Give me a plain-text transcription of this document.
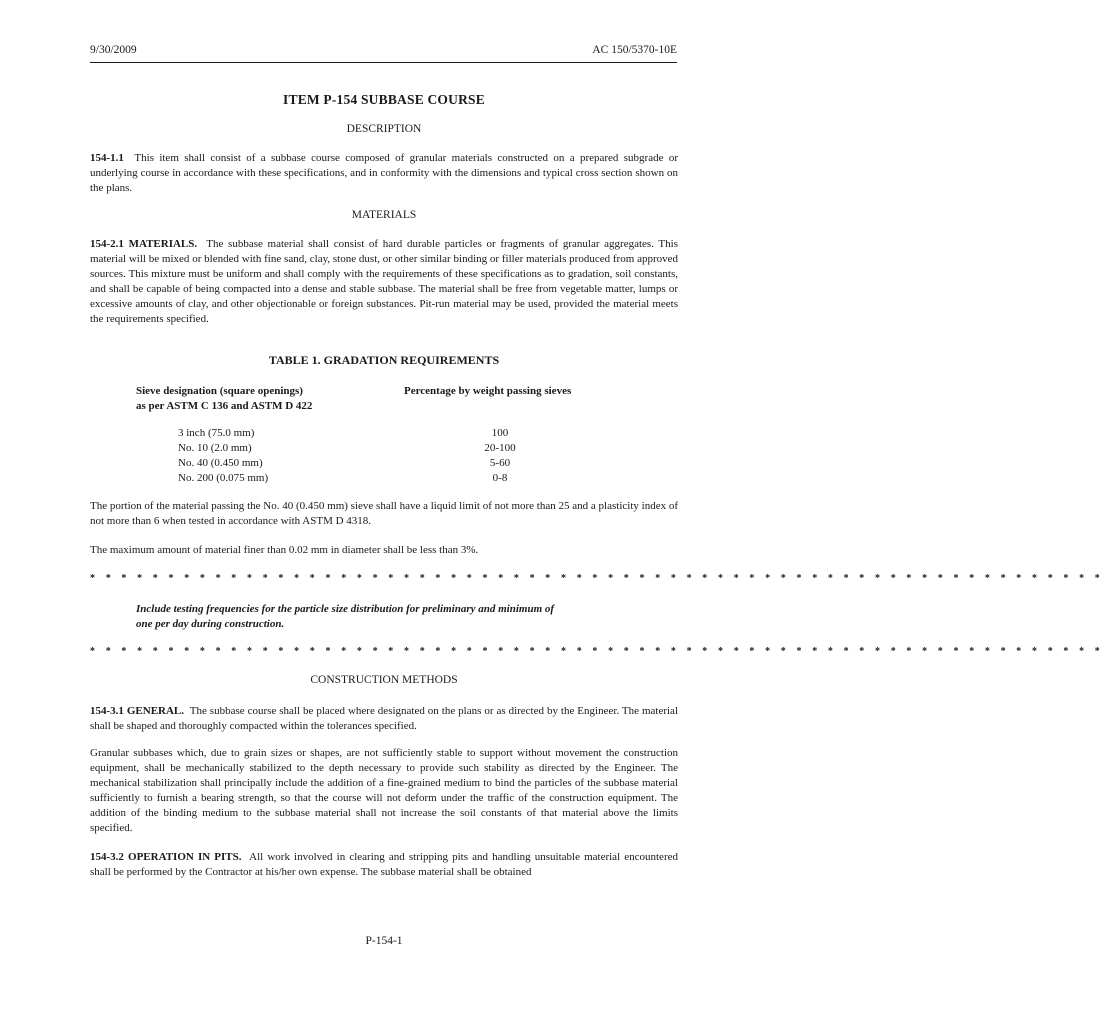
9/30/2009	AC 150/5370-10E
ITEM P-154 SUBBASE COURSE
DESCRIPTION
154-1.1 This item shall consist of a subbase course composed of granular materials constructed on a prepared subgrade or underlying course in accordance with these specifications, and in conformity with the dimensions and typical cross section shown on the plans.
MATERIALS
154-2.1 MATERIALS. The subbase material shall consist of hard durable particles or fragments of granular aggregates. This material will be mixed or blended with fine sand, clay, stone dust, or other similar binding or filler materials produced from approved sources. This mixture must be uniform and shall comply with the requirements of these specifications as to gradation, soil constants, and shall be capable of being compacted into a dense and stable subbase. The material shall be free from vegetable matter, lumps or excessive amounts of clay, and other objectionable or foreign substances. Pit-run material may be used, provided the material meets the requirements specified.
TABLE 1. GRADATION REQUIREMENTS
Sieve designation (square openings)
as per ASTM C 136 and ASTM D 422
Percentage by weight passing sieves
3 inch (75.0 mm)	100
No. 10 (2.0 mm)	20-100
No. 40 (0.450 mm)	5-60
No. 200 (0.075 mm)	0-8
The portion of the material passing the No. 40 (0.450 mm) sieve shall have a liquid limit of not more than 25 and a plasticity index of not more than 6 when tested in accordance with ASTM D 4318.
The maximum amount of material finer than 0.02 mm in diameter shall be less than 3%.
* * * * * * * * * * * * * * * * * * * * * * * * * * * * * * * * * * * * * * * * * * * * * * * * * * * * * * * * * * * * * * * * *
Include testing frequencies for the particle size distribution for preliminary and minimum of
one per day during construction.
* * * * * * * * * * * * * * * * * * * * * * * * * * * * * * * * * * * * * * * * * * * * * * * * * * * * * * * * * * * * * * * * *
CONSTRUCTION METHODS
154-3.1 GENERAL. The subbase course shall be placed where designated on the plans or as directed by the Engineer. The material shall be shaped and thoroughly compacted within the tolerances specified.
Granular subbases which, due to grain sizes or shapes, are not sufficiently stable to support without movement the construction equipment, shall be mechanically stabilized to the depth necessary to provide such stability as directed by the Engineer. The mechanical stabilization shall principally include the addition of a fine-grained medium to bind the particles of the subbase material sufficiently to furnish a bearing strength, so that the course will not deform under the traffic of the construction equipment. The addition of the binding medium to the subbase material shall not increase the soil constants of that material above the limits specified.
154-3.2 OPERATION IN PITS. All work involved in clearing and stripping pits and handling unsuitable material encountered shall be performed by the Contractor at his/her own expense. The subbase material shall be obtained
P-154-1
